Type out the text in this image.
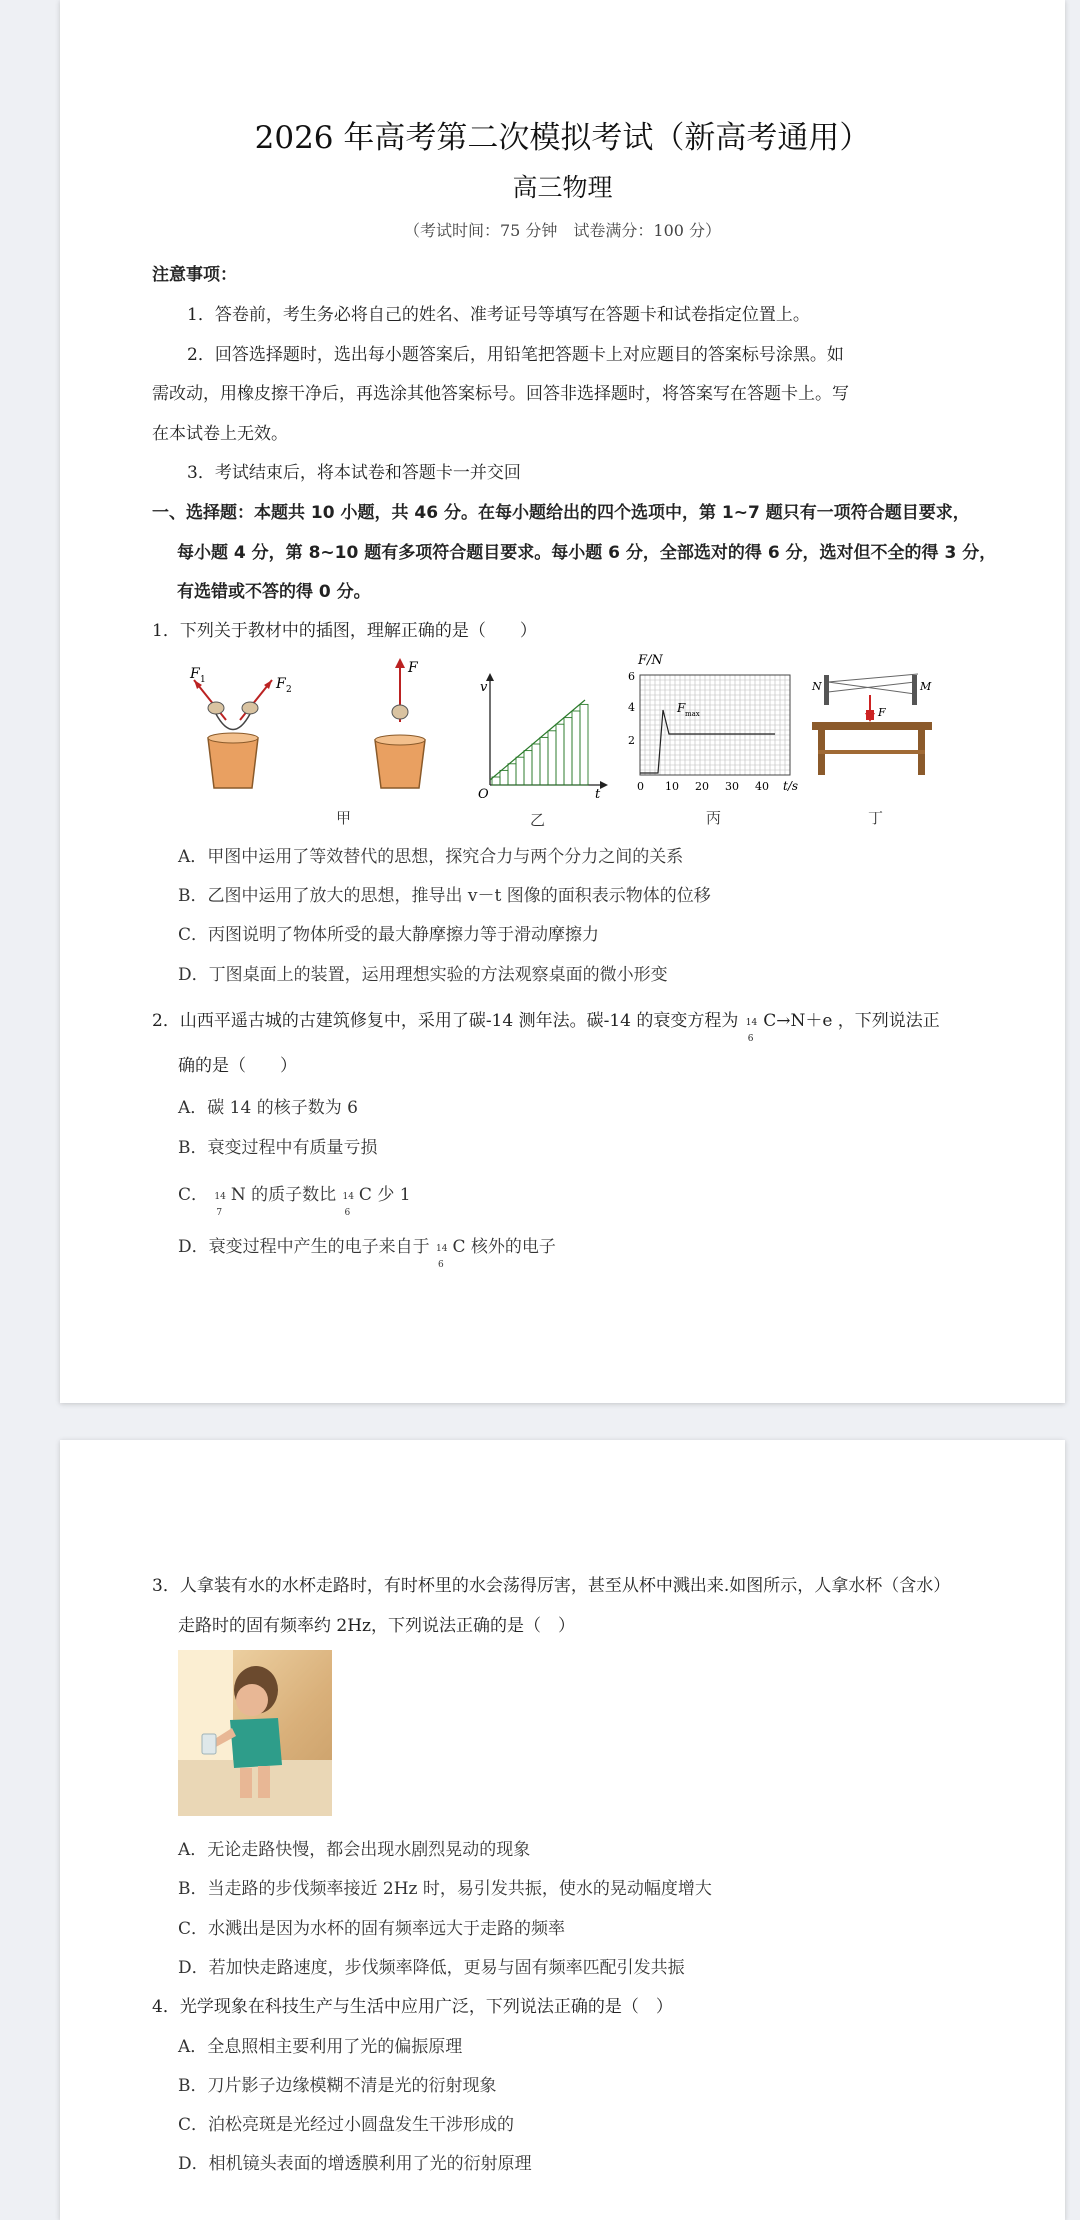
2026 年高考第二次模拟考试（新高考通用）
高三物理
（考试时间：75 分钟　试卷满分：100 分）
注意事项：
1．答卷前，考生务必将自己的姓名、准考证号等填写在答题卡和试卷指定位置上。
2．回答选择题时，选出每小题答案后，用铅笔把答题卡上对应题目的答案标号涂黑。如
需改动，用橡皮擦干净后，再选涂其他答案标号。回答非选择题时，将答案写在答题卡上。写
在本试卷上无效。
3．考试结束后，将本试卷和答题卡一并交回
一、选择题：本题共 10 小题，共 46 分。在每小题给出的四个选项中，第 1~7 题只有一项符合题目要求，
每小题 4 分，第 8~10 题有多项符合题目要求。每小题 6 分，全部选对的得 6 分，选对但不全的得 3 分，
有选错或不答的得 0 分。
1．下列关于教材中的插图，理解正确的是（　　）
F 1	F 2
F
甲
v
O	t
乙
F/N
6
4
2
0 10 20 30 40 t/s
F max
丙
N	M
F
丁
A．甲图中运用了等效替代的思想，探究合力与两个分力之间的关系
B．乙图中运用了放大的思想，推导出 v－t 图像的面积表示物体的位移
C．丙图说明了物体所受的最大静摩擦力等于滑动摩擦力
D．丁图桌面上的装置，运用理想实验的方法观察桌面的微小形变
2．山西平遥古城的古建筑修复中，采用了碳-14 测年法。碳-14 的衰变方程为 14
6
C→N＋e ，下列说法正
确的是（　　）
A．碳 14 的核子数为 6
B．衰变过程中有质量亏损
C． 14
7
N 的质子数比 14
6
C 少 1
D．衰变过程中产生的电子来自于 14
6
C 核外的电子
3．人拿装有水的水杯走路时，有时杯里的水会荡得厉害，甚至从杯中溅出来.如图所示，人拿水杯（含水）
走路时的固有频率约 2Hz，下列说法正确的是（　）
A．无论走路快慢，都会出现水剧烈晃动的现象
B．当走路的步伐频率接近 2Hz 时，易引发共振，使水的晃动幅度增大
C．水溅出是因为水杯的固有频率远大于走路的频率
D．若加快走路速度，步伐频率降低，更易与固有频率匹配引发共振
4．光学现象在科技生产与生活中应用广泛，下列说法正确的是（　）
A．全息照相主要利用了光的偏振原理
B．刀片影子边缘模糊不清是光的衍射现象
C．泊松亮斑是光经过小圆盘发生干涉形成的
D．相机镜头表面的增透膜利用了光的衍射原理
